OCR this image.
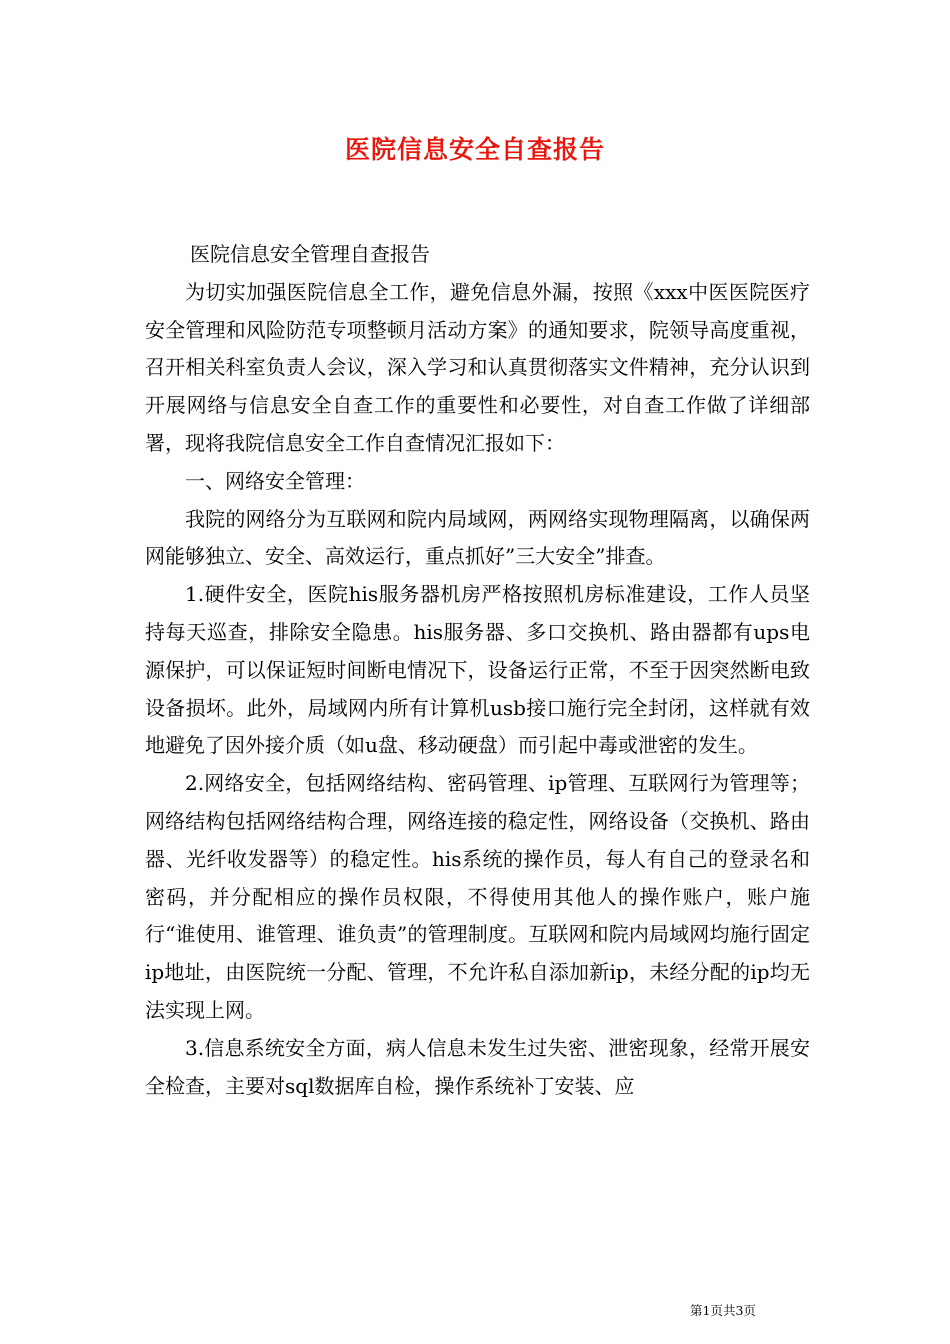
医院信息安全自查报告

医院信息安全管理自查报告

为切实加强医院信息全工作，避免信息外漏，按照《xxx中医医院医疗安全管理和风险防范专项整顿月活动方案》的通知要求，院领导高度重视，召开相关科室负责人会议，深入学习和认真贯彻落实文件精神，充分认识到开展网络与信息安全自查工作的重要性和必要性，对自查工作做了详细部署，现将我院信息安全工作自查情况汇报如下：

一、网络安全管理：

我院的网络分为互联网和院内局域网，两网络实现物理隔离，以确保两网能够独立、安全、高效运行，重点抓好”三大安全”排查。

1.硬件安全，医院his服务器机房严格按照机房标准建设，工作人员坚持每天巡查，排除安全隐患。his服务器、多口交换机、路由器都有ups电源保护，可以保证短时间断电情况下，设备运行正常，不至于因突然断电致设备损坏。此外，局域网内所有计算机usb接口施行完全封闭，这样就有效地避免了因外接介质（如u盘、移动硬盘）而引起中毒或泄密的发生。

2.网络安全，包括网络结构、密码管理、ip管理、互联网行为管理等；网络结构包括网络结构合理，网络连接的稳定性，网络设备（交换机、路由器、光纤收发器等）的稳定性。his系统的操作员，每人有自己的登录名和密码，并分配相应的操作员权限，不得使用其他人的操作账户，账户施行“谁使用、谁管理、谁负责”的管理制度。互联网和院内局域网均施行固定ip地址，由医院统一分配、管理，不允许私自添加新ip，未经分配的ip均无法实现上网。

3.信息系统安全方面，病人信息未发生过失密、泄密现象，经常开展安全检查，主要对sql数据库自检，操作系统补丁安装、应

第1页共3页
